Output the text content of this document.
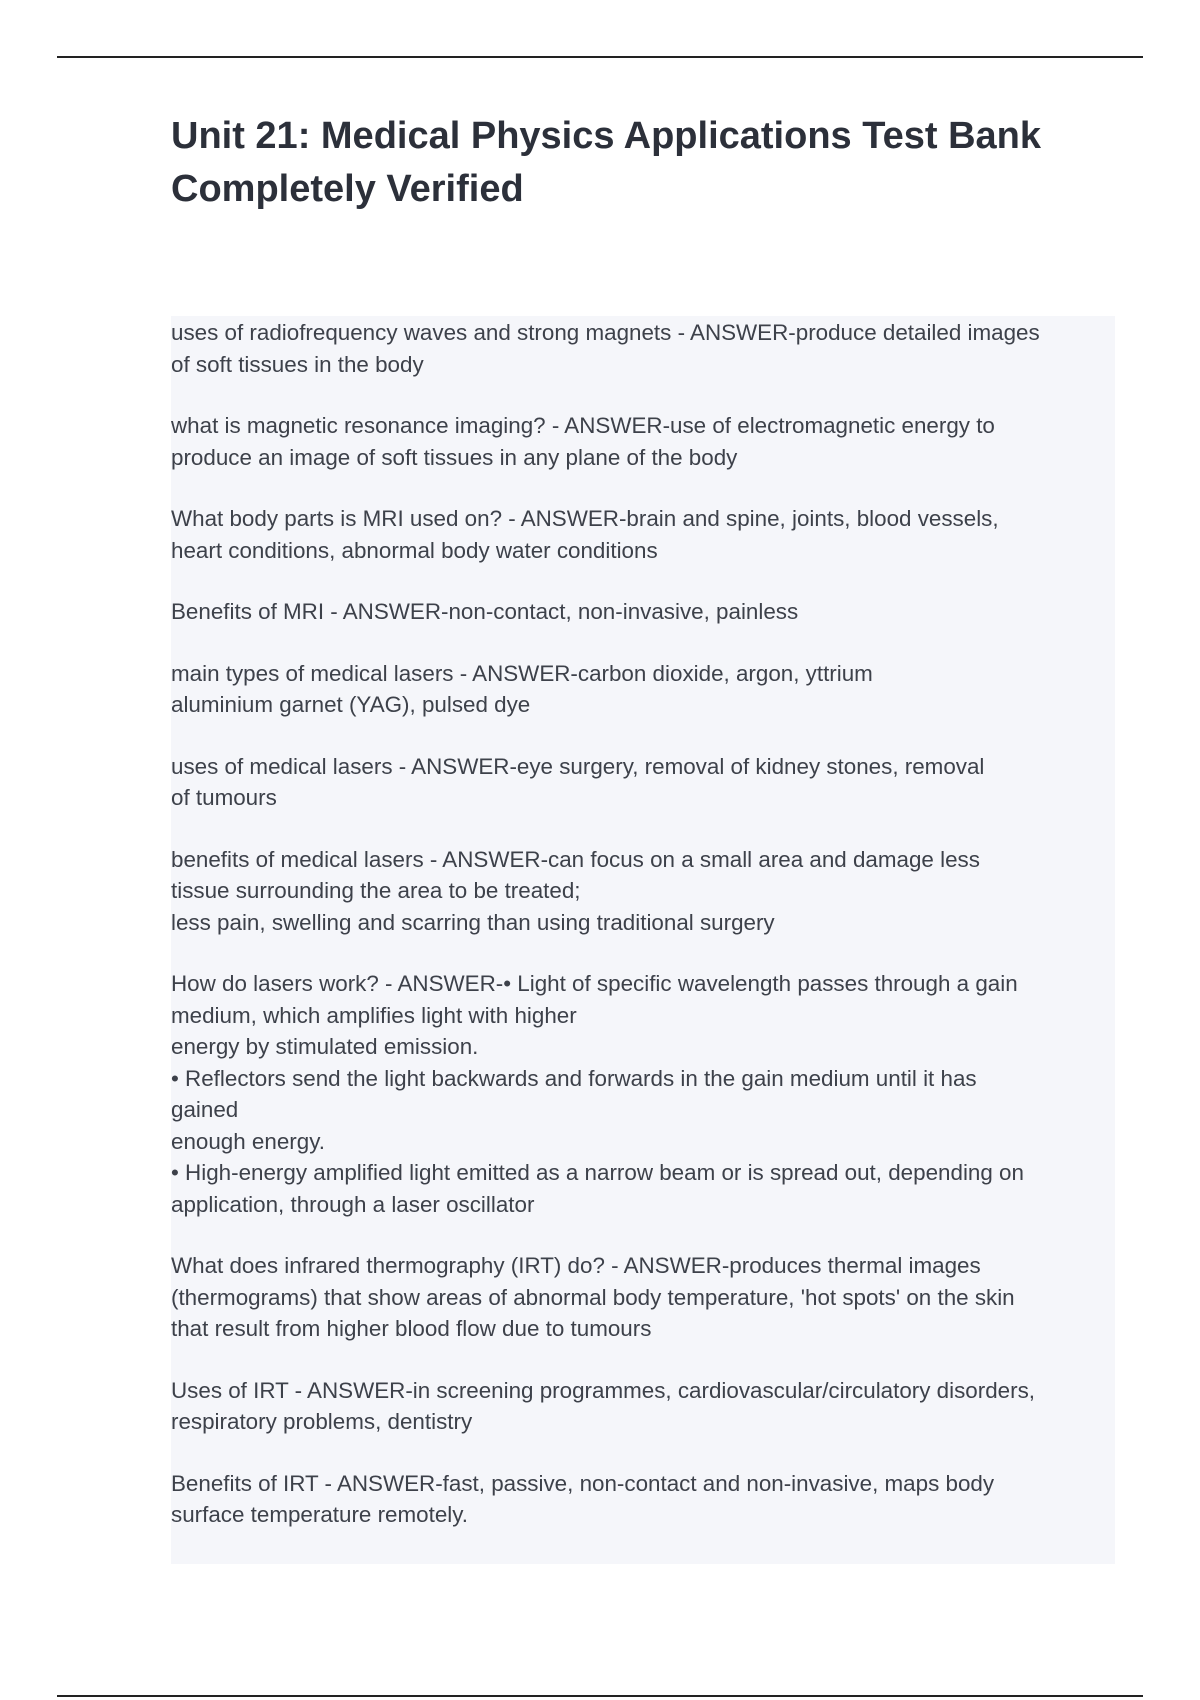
Unit 21: Medical Physics Applications Test Bank
Completely Verified
uses of radiofrequency waves and strong magnets - ANSWER-produce detailed images
of soft tissues in the body
what is magnetic resonance imaging? - ANSWER-use of electromagnetic energy to
produce an image of soft tissues in any plane of the body
What body parts is MRI used on? - ANSWER-brain and spine, joints, blood vessels,
heart conditions, abnormal body water conditions
Benefits of MRI - ANSWER-non-contact, non-invasive, painless
main types of medical lasers - ANSWER-carbon dioxide, argon, yttrium
aluminium garnet (YAG), pulsed dye
uses of medical lasers - ANSWER-eye surgery, removal of kidney stones, removal
of tumours
benefits of medical lasers - ANSWER-can focus on a small area and damage less
tissue surrounding the area to be treated;
less pain, swelling and scarring than using traditional surgery
How do lasers work? - ANSWER-• Light of specific wavelength passes through a gain
medium, which amplifies light with higher
energy by stimulated emission.
• Reflectors send the light backwards and forwards in the gain medium until it has
gained
enough energy.
• High-energy amplified light emitted as a narrow beam or is spread out, depending on
application, through a laser oscillator
What does infrared thermography (IRT) do? - ANSWER-produces thermal images
(thermograms) that show areas of abnormal body temperature, 'hot spots' on the skin
that result from higher blood flow due to tumours
Uses of IRT - ANSWER-in screening programmes, cardiovascular/circulatory disorders,
respiratory problems, dentistry
Benefits of IRT - ANSWER-fast, passive, non-contact and non-invasive, maps body
surface temperature remotely.
